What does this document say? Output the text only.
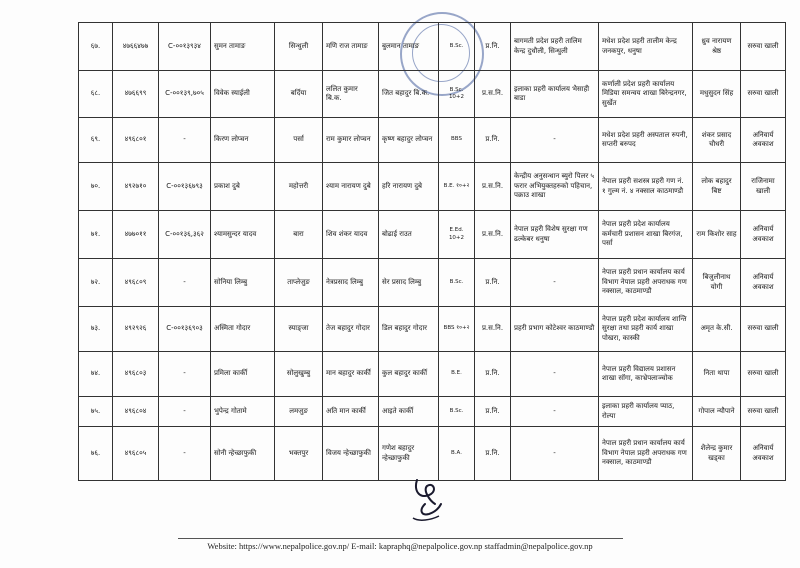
६७.	४७६६४७७	C-००१३९३४	सुमन तामाङ	सिन्धुली	मणि राज तामाङ	बुलमान तामाङ	B.Sc.	प्र.नि.	बागमती प्रदेश प्रहरी तालिम केन्द्र दुधौली, सिन्धुली	मधेश प्रदेश प्रहरी तालीम केन्द्र जनकपुर, धनुषा	ध्रुव नारायण श्रेष्ठ	सरुवा खाली
६८.	४७६६९९	C-००१३९,७०५	विवेक स्याईली	बर्दिया	ललित कुमार बि.क.	जित बहादुर बि.क.	B.Sc. 10+2	प्र.स.नि.	इलाका प्रहरी कार्यालय भैसाही बाडा	कर्णाली प्रदेश प्रहरी कार्यालय मिडिया समन्वय शाखा बिरेन्द्रनगर, सुर्खेत	मधुसुदन सिंह	सरुवा खाली
६९.	४९६८०१	-	किरण लोप्चन	पर्सा	राम कुमार लोप्चन	कृष्ण बहादुर लोप्चन	BBS	प्र.नि.	-	मधेश प्रदेश प्रहरी अस्पताल रुपनी, सप्तरी बरुपद	शंकर प्रसाद चौधरी	अनिवार्य अवकाश
७०.	४९२७१०	C-००१३६७९३	प्रकाश दुबे	महोत्तरी	श्याम नारायण दुबे	हरि नारायण दुबे	B.E. १०+२	प्र.स.नि.	केन्द्रीय अनुसन्धान ब्युरो पिलर ५ फरार अभियुक्तहरुको पहिचान, पक्राउ शाखा	नेपाल प्रहरी सशस्त्र प्रहरी गण नं. १ गुल्म नं. ४ नक्साल काठमाण्डौ	लोक बहादुर बिष्ट	राजिनामा खाली
७१.	४७७०११	C-००१३६,३६२	श्यामसुन्दर यादव	बारा	शिव शंकर यादव	बोढाई राउत	E.Ed. 10+2	प्र.स.नि.	नेपाल प्रहरी विशेष सुरक्षा गण ढल्केबर धनुषा	नेपाल प्रहरी प्रदेश कार्यालय कर्मचारी प्रशासन शाखा बिरगंज, पर्सा	राम किशोर साह	अनिवार्य अवकाश
७२.	४९६८०९	-	सोनिया लिम्बु	ताप्लेजुङ	नेत्रप्रसाद लिम्बु	सेर प्रसाद लिम्बु	B.Sc.	प्र.नि.	-	नेपाल प्रहरी प्रधान कार्यालय कार्य विभाग नेपाल प्रहरी अपराधक गण नक्साल, काठमाण्डौ	बिजुलीनाथ योगी	अनिवार्य अवकाश
७३.	४९२९२६	C-००१३६९०३	अस्मिता गोदार	स्याङ्जा	तेज बहादुर गोदार	डिल बहादुर गोदार	BBS १०+२	प्र.स.नि.	प्रहरी प्रभाग कोटेश्वर काठमाण्डौ	नेपाल प्रहरी प्रदेश कार्यालय शान्ति सुरक्षा तथा प्रहरी कार्य शाखा पोखरा, कास्की	अमृत के.सी.	सरुवा खाली
७४.	४९६८०३	-	प्रमिला कार्की	सोलुखुम्बु	मान बहादुर कार्की	कुल बहादुर कार्की	B.E.	प्र.नि.	-	नेपाल प्रहरी विद्यालय प्रशासन शाखा सॉगा, काभ्रेपलाञ्चोक	निता थापा	सरुवा खाली
७५.	४९६८०४	-	भुपेन्द्र गोतामे	लमजुङ	अति मान कार्की	आइते कार्की	B.Sc.	प्र.नि.	-	इलाका प्रहरी कार्यालय प्याठ, रोल्पा	गोपाल न्यौपाने	सरुवा खाली
७६.	४९६८०५	-	सोनी न्हेच्छाफुकी	भक्तपुर	विजय न्हेच्छाफुकी	गणेश बहादुर न्हेच्छाफुकी	B.A.	प्र.नि.	-	नेपाल प्रहरी प्रधान कार्यालय कार्य विभाग नेपाल प्रहरी अपराधक गण नक्साल, काठमाण्डौ	शैलेन्द्र कुमार खड्का	अनिवार्य अवकाश
Website: https://www.nepalpolice.gov.np/ E-mail: kapraphq@nepalpolice.gov.np staffadmin@nepalpolice.gov.np
